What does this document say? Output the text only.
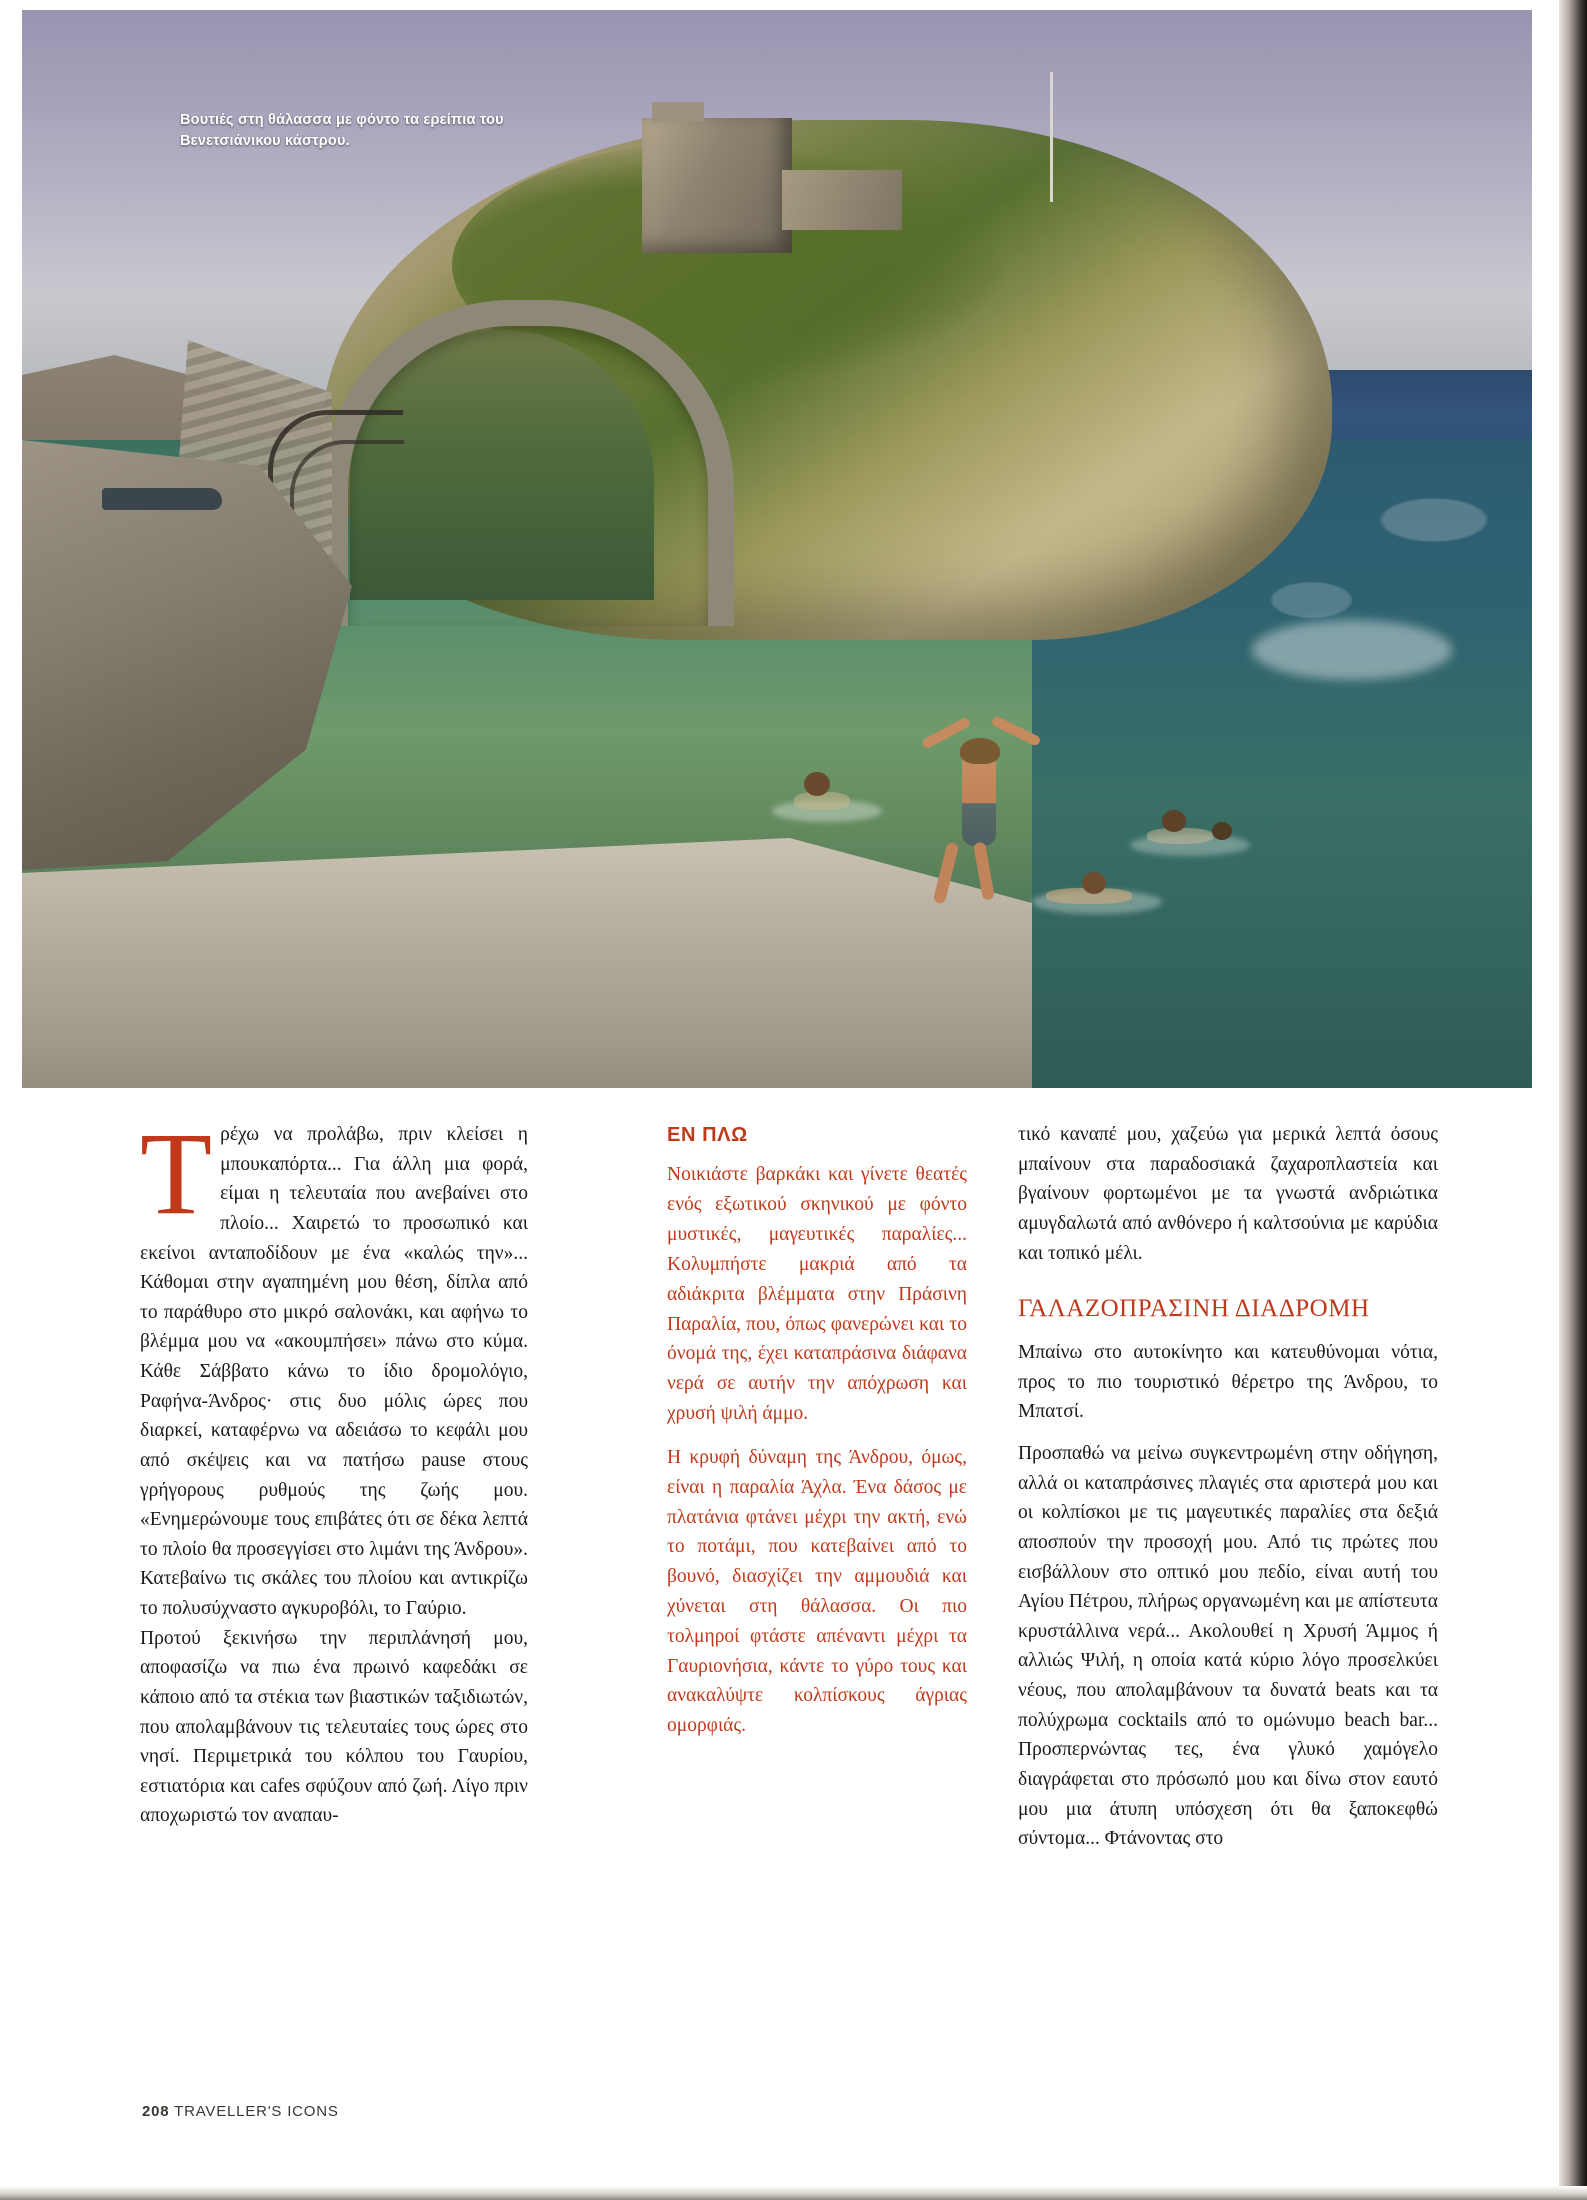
Βουτιές στη θάλασσα με φόντο τα ερείπια του Βενετσιάνικου κάστρου.

Τρέχω να προλάβω, πριν κλείσει η μπουκαπόρτα... Για άλλη μια φορά, είμαι η τελευταία που ανεβαίνει στο πλοίο... Χαιρετώ το προσωπικό και εκείνοι ανταποδίδουν με ένα «καλώς την»... Κάθομαι στην αγαπημένη μου θέση, δίπλα από το παράθυρο στο μικρό σαλονάκι, και αφήνω το βλέμμα μου να «ακουμπήσει» πάνω στο κύμα. Κάθε Σάββατο κάνω το ίδιο δρομολόγιο, Ραφήνα-Άνδρος· στις δυο μόλις ώρες που διαρκεί, καταφέρνω να αδειάσω το κεφάλι μου από σκέψεις και να πατήσω pause στους γρήγορους ρυθμούς της ζωής μου. «Ενημερώνουμε τους επιβάτες ότι σε δέκα λεπτά το πλοίο θα προσεγγίσει στο λιμάνι της Άνδρου». Κατεβαίνω τις σκάλες του πλοίου και αντικρίζω το πολυσύχναστο αγκυροβόλι, το Γαύριο.

Προτού ξεκινήσω την περιπλάνησή μου, αποφασίζω να πιω ένα πρωινό καφεδάκι σε κάποιο από τα στέκια των βιαστικών ταξιδιωτών, που απολαμβάνουν τις τελευταίες τους ώρες στο νησί. Περιμετρικά του κόλπου του Γαυρίου, εστιατόρια και cafes σφύζουν από ζωή. Λίγο πριν αποχωριστώ τον αναπαυ-

ΕΝ ΠΛΩ

Νοικιάστε βαρκάκι και γίνετε θεατές ενός εξωτικού σκηνικού με φόντο μυστικές, μαγευτικές παραλίες... Κολυμπήστε μακριά από τα αδιάκριτα βλέμματα στην Πράσινη Παραλία, που, όπως φανερώνει και το όνομά της, έχει καταπράσινα διάφανα νερά σε αυτήν την απόχρωση και χρυσή ψιλή άμμο.

Η κρυφή δύναμη της Άνδρου, όμως, είναι η παραλία Άχλα. Ένα δάσος με πλατάνια φτάνει μέχρι την ακτή, ενώ το ποτάμι, που κατεβαίνει από το βουνό, διασχίζει την αμμουδιά και χύνεται στη θάλασσα. Οι πιο τολμηροί φτάστε απέναντι μέχρι τα Γαυριονήσια, κάντε το γύρο τους και ανακαλύψτε κολπίσκους άγριας ομορφιάς.

τικό καναπέ μου, χαζεύω για μερικά λεπτά όσους μπαίνουν στα παραδοσιακά ζαχαροπλαστεία και βγαίνουν φορτωμένοι με τα γνωστά ανδριώτικα αμυγδαλωτά από ανθόνερο ή καλτσούνια με καρύδια και τοπικό μέλι.

ΓΑΛΑΖΟΠΡΑΣΙΝΗ ΔΙΑΔΡΟΜΗ

Μπαίνω στο αυτοκίνητο και κατευθύνομαι νότια, προς το πιο τουριστικό θέρετρο της Άνδρου, το Μπατσί.

Προσπαθώ να μείνω συγκεντρωμένη στην οδήγηση, αλλά οι καταπράσινες πλαγιές στα αριστερά μου και οι κολπίσκοι με τις μαγευτικές παραλίες στα δεξιά αποσπούν την προσοχή μου. Από τις πρώτες που εισβάλλουν στο οπτικό μου πεδίο, είναι αυτή του Αγίου Πέτρου, πλήρως οργανωμένη και με απίστευτα κρυστάλλινα νερά... Ακολουθεί η Χρυσή Άμμος ή αλλιώς Ψιλή, η οποία κατά κύριο λόγο προσελκύει νέους, που απολαμβάνουν τα δυνατά beats και τα πολύχρωμα cocktails από το ομώνυμο beach bar... Προσπερνώντας τες, ένα γλυκό χαμόγελο διαγράφεται στο πρόσωπό μου και δίνω στον εαυτό μου μια άτυπη υπόσχεση ότι θα ξαποκεφθώ σύντομα... Φτάνοντας στο

208 TRAVELLER'S ICONS
